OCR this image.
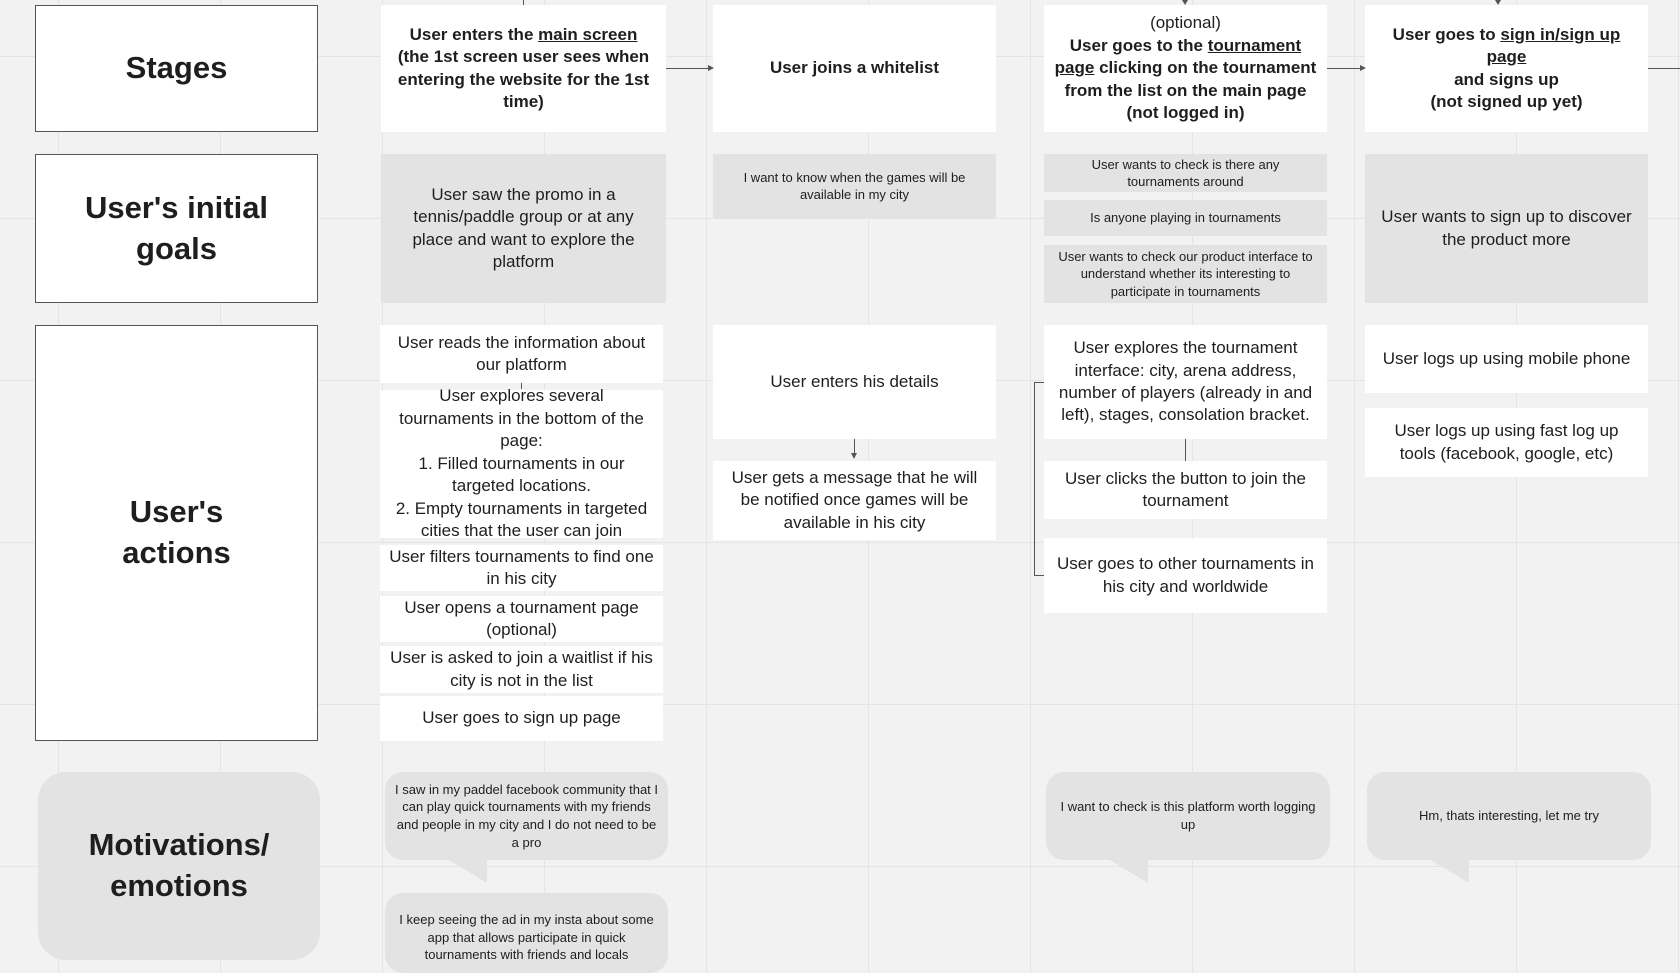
Stages
User's initial goals
User's
actions
Motivations/
emotions
User enters the main screen
(the 1st screen user sees when entering the website for the 1st time)
User joins a whitelist
(optional)
User goes to the tournament page clicking on the tournament from the list on the main page (not logged in)
User goes to sign in/sign up page
and signs up
(not signed up yet)
User saw the promo in a tennis/paddle group or at any place and want to explore the platform
I want to know when the games will be available in my city
User wants to check is there any tournaments around
Is anyone playing in tournaments
User wants to check our product interface to understand whether its interesting to participate in tournaments
User wants to sign up to discover the product more
User reads the information about our platform
User explores several tournaments in the bottom of the page:
1. Filled tournaments in our targeted locations.
2. Empty tournaments in targeted cities that the user can join
User filters tournaments to find one in his city
User opens a tournament page (optional)
User is asked to join a waitlist if his city is not in the list
User goes to sign up page
User enters his details
User gets a message that he will be notified once games will be available in his city
User explores the tournament interface: city, arena address, number of players (already in and left), stages, consolation bracket.
User clicks the button to join the tournament
User goes to other tournaments in his city and worldwide
User logs up using mobile phone
User logs up using fast log up tools (facebook, google, etc)
I saw in my paddel facebook community that I can play quick tournaments with my friends and people in my city and I do not need to be a pro
I keep seeing the ad in my insta about some app that allows participate in quick tournaments with friends and locals
I want to check is this platform worth logging up
Hm, thats interesting, let me try
